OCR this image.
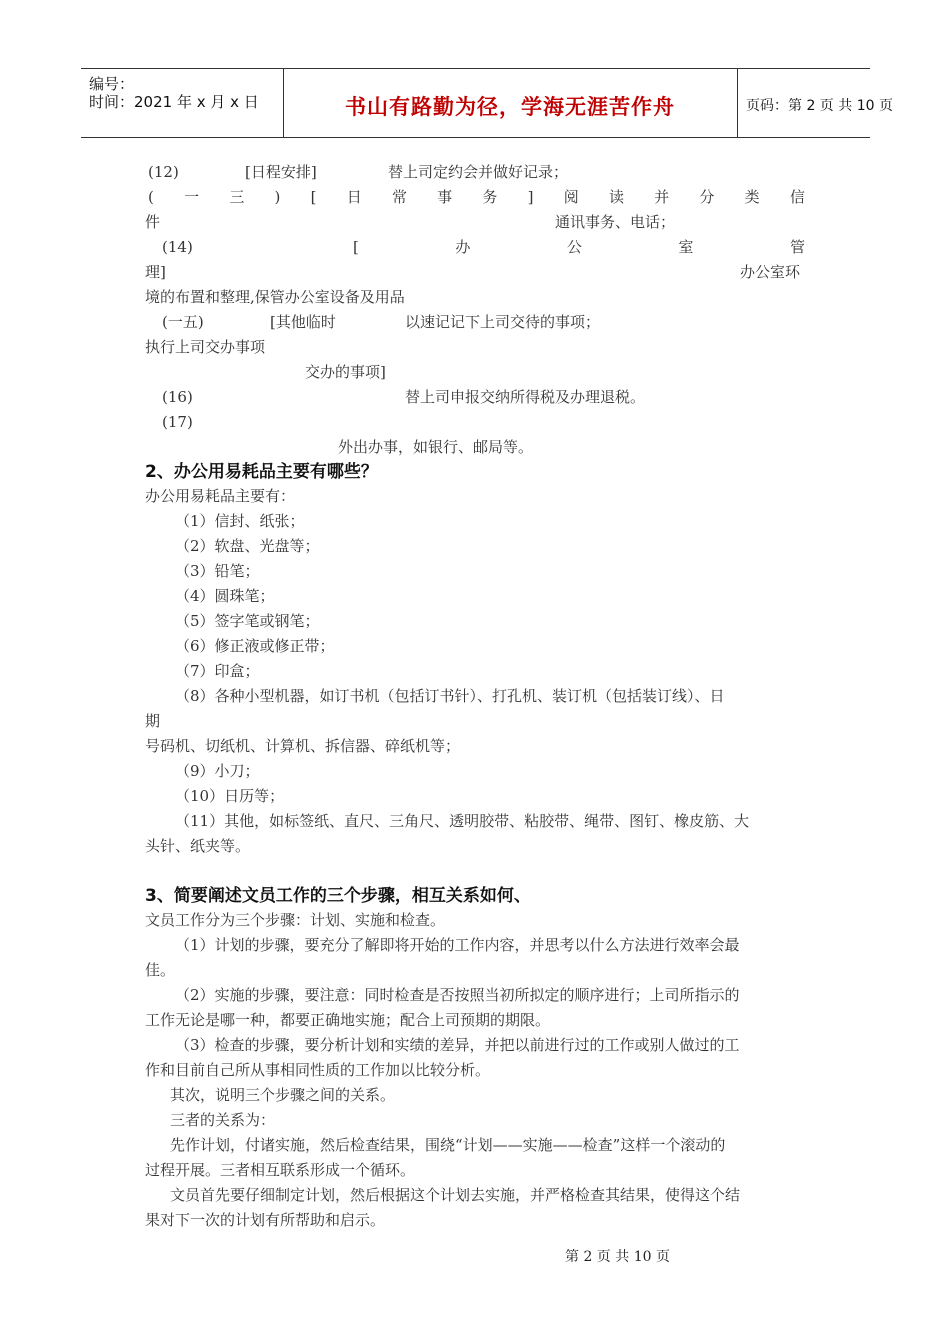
编号：
时间：2021 年 x 月 x 日	书山有路勤为径，学海无涯苦作舟	页码：第 2 页 共 10 页
(12)	[日程安排]	替上司定约会并做好记录；
( 一 三 ) [ 日 常 事 务 ] 阅 读 并 分 类 信
件	通讯事务、电话；
(14)	[	办	公	室	管
理]	办公室环
境的布置和整理,保管办公室设备及用品
(一五)	[其他临时	以速记记下上司交待的事项；
执行上司交办事项
交办的事项]
(16)	替上司申报交纳所得税及办理退税。
(17)
外出办事，如银行、邮局等。
2、办公用易耗品主要有哪些？
办公用易耗品主要有：
（1）信封、纸张；
（2）软盘、光盘等；
（3）铅笔；
（4）圆珠笔；
（5）签字笔或钢笔；
（6）修正液或修正带；
（7）印盒；
（8）各种小型机器，如订书机（包括订书针）、打孔机、装订机（包括装订线）、日
期
号码机、切纸机、计算机、拆信器、碎纸机等；
（9）小刀；
（10）日历等；
（11）其他，如标签纸、直尺、三角尺、透明胶带、粘胶带、绳带、图钉、橡皮筋、大
头针、纸夹等。
3、简要阐述文员工作的三个步骤，相互关系如何、
文员工作分为三个步骤：计划、实施和检查。
（1）计划的步骤，要充分了解即将开始的工作内容，并思考以什么方法进行效率会最
佳。
（2）实施的步骤，要注意：同时检查是否按照当初所拟定的顺序进行；上司所指示的
工作无论是哪一种，都要正确地实施；配合上司预期的期限。
（3）检查的步骤，要分析计划和实绩的差异，并把以前进行过的工作或别人做过的工
作和目前自己所从事相同性质的工作加以比较分析。
其次，说明三个步骤之间的关系。
三者的关系为：
先作计划，付诸实施，然后检查结果，围绕“计划——实施——检查”这样一个滚动的
过程开展。三者相互联系形成一个循环。
文员首先要仔细制定计划，然后根据这个计划去实施，并严格检查其结果，使得这个结
果对下一次的计划有所帮助和启示。
第 2 页 共 10 页
